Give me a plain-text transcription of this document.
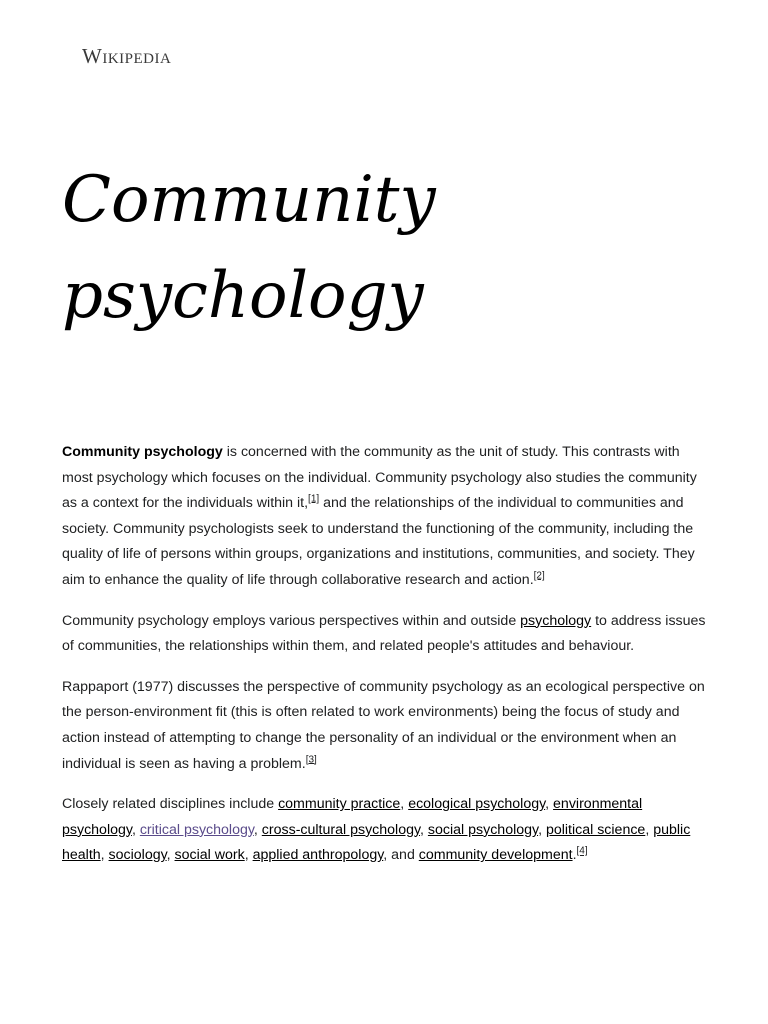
Wikipedia
Community psychology

Community psychology is concerned with the community as the unit of study. This contrasts with most psychology which focuses on the individual. Community psychology also studies the community as a context for the individuals within it,[1] and the relationships of the individual to communities and society. Community psychologists seek to understand the functioning of the community, including the quality of life of persons within groups, organizations and institutions, communities, and society. They aim to enhance the quality of life through collaborative research and action.[2]

Community psychology employs various perspectives within and outside psychology to address issues of communities, the relationships within them, and related people's attitudes and behaviour.

Rappaport (1977) discusses the perspective of community psychology as an ecological perspective on the person-environment fit (this is often related to work environments) being the focus of study and action instead of attempting to change the personality of an individual or the environment when an individual is seen as having a problem.[3]

Closely related disciplines include community practice, ecological psychology, environmental psychology, critical psychology, cross-cultural psychology, social psychology, political science, public health, sociology, social work, applied anthropology, and community development.[4]
